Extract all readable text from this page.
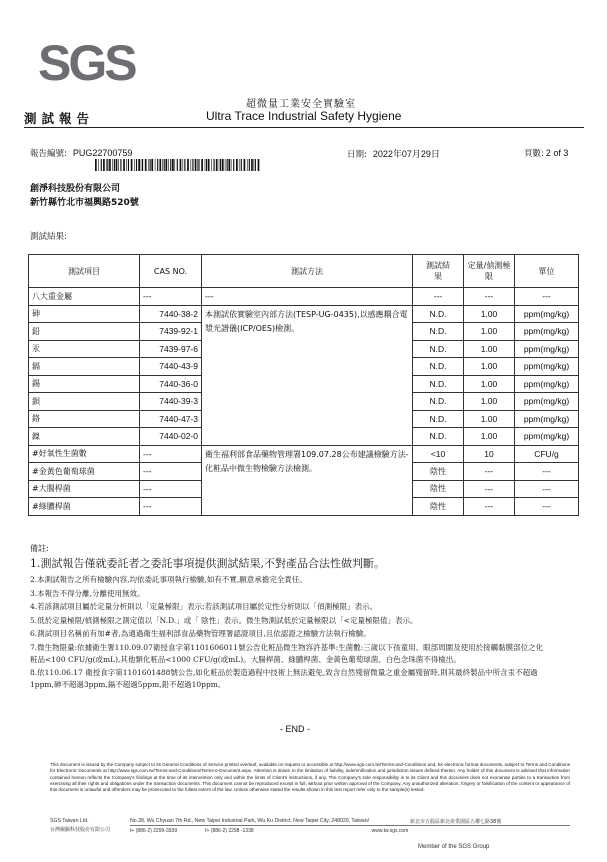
SGS
超微量工業安全實驗室
Ultra Trace Industrial Safety Hygiene
測試報告
報告編號: PUG22700759	日期: 2022年07月29日	頁數: 2 of 3
創淨科技股份有限公司
新竹縣竹北市福興路520號
測試結果:
測試項目	CAS NO.	測試方法	測試結果	定量/偵測極限	單位
八大重金屬	---	---	---	---	---
砷	7440-38-2	本測試依實驗室內部方法(TESP-UG-0435),以感應耦合電漿光譜儀(ICP/OES)檢測。	N.D.	1.00	ppm(mg/kg)
鉛	7439-92-1		N.D.	1.00	ppm(mg/kg)
汞	7439-97-6		N.D.	1.00	ppm(mg/kg)
鎘	7440-43-9		N.D.	1.00	ppm(mg/kg)
錫	7440-36-0		N.D.	1.00	ppm(mg/kg)
鋇	7440-39-3		N.D.	1.00	ppm(mg/kg)
鉻	7440-47-3		N.D.	1.00	ppm(mg/kg)
鎳	7440-02-0		N.D.	1.00	ppm(mg/kg)
#好氧性生菌數	---	衛生福利部食品藥物管理署109.07.28公布建議檢驗方法-化粧品中微生物檢驗方法檢測。	<10	10	CFU/g
#金黃色葡萄球菌	---		陰性	---	---
#大腸桿菌	---		陰性	---	---
#綠膿桿菌	---		陰性	---	---
備註:
1.測試報告僅就委託者之委託事項提供測試結果,不對產品合法性做判斷。
2.本測試報告之所有檢驗內容,均依委託事項執行檢驗,如有不實,願意承擔完全責任。
3.本報告不得分離,分離使用無效。
4.若該測試項目屬於定量分析則以「定量極限」表示;若該測試項目屬於定性分析則以「偵測極限」表示。
5.低於定量極限/偵測極限之測定值以「N.D.」或「 陰性」表示。微生物測試低於定量極限以「<定量極限值」表示。
6.測試項目名稱前有加#者,為通過衛生福利部食品藥物管理署認證項目,且依認證之檢驗方法執行檢驗。
7.微生物限量:依據衛生署110.09.07衛授食字第1101606011號公告化粧品微生物容許基準:生菌數:三歲以下孩童用、眼部周圍及使用於接觸黏膜部位之化粧品<100 CFU/g(或mL),其他類化粧品<1000 CFU/g(或mL)。大腸桿菌、綠膿桿菌、金黃色葡萄球菌、白色念珠菌不得檢出。
8.依110.06.17 衛授食字第1101601488號公告,如化粧品於製造過程中技術上無法避免,致含自然殘留微量之重金屬殘留時,則其最終製品中所含汞不超過1ppm,砷不超過3ppm,鎘不超過5ppm,鉛不超過10ppm。
- END -
This document is issued by the Company subject to its General Conditions of Service printed overleaf, available on request or accessible at http://www.sgs.com.tw/Terms-and-Conditions and, for electronic format documents, subject to Terms and Conditions for Electronic Documents at http://www.sgs.com.tw/Terms-and-Conditions/Terms-e-Document.aspx. Attention is drawn to the limitation of liability, indemnification and jurisdiction issues defined therein. Any holder of this document is advised that information contained hereon reflects the Company's findings at the time of its intervention only and within the limits of Client's instructions, if any. The Company's sole responsibility is to its Client and this document does not exonerate parties to a transaction from exercising all their rights and obligations under the transaction documents. This document cannot be reproduced except in full, without prior written approval of the Company. Any unauthorized alteration, forgery or falsification of the content or appearance of this document is unlawful and offenders may be prosecuted to the fullest extent of the law. Unless otherwise stated the results shown in this test report refer only to the sample(s) tested.
SGS Taiwan Ltd.
台灣檢驗科技股份有限公司
No.38, Wu Chyuan 7th Rd., New Taipei Industrial Park, Wu Ku District, New Taipei City, 248020, Taiwan/	新北市五股區新北產業園區五權七路38號
t+ (886-2) 2299-3939	f+ (886-2) 2298 -1338	www.tw.sgs.com
Member of the SGS Group
